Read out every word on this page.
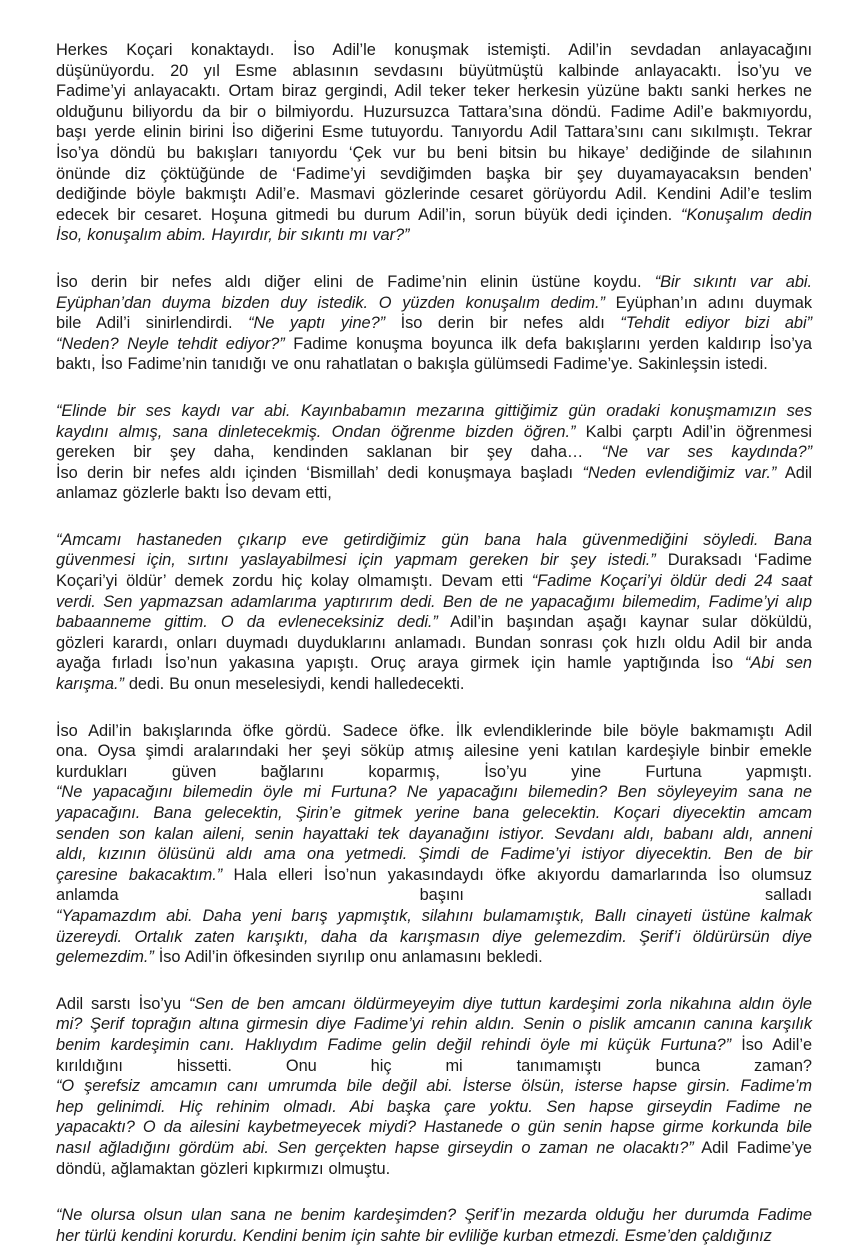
Herkes Koçari konaktaydı. İso Adil’le konuşmak istemişti. Adil’in sevdadan anlayacağını
düşünüyordu. 20 yıl Esme ablasının sevdasını büyütmüştü kalbinde anlayacaktı. İso’yu ve
Fadime’yi anlayacaktı. Ortam biraz gergindi, Adil teker teker herkesin yüzüne baktı sanki herkes ne
olduğunu biliyordu da bir o bilmiyordu. Huzursuzca Tattara’sına döndü. Fadime Adil’e bakmıyordu,
başı yerde elinin birini İso diğerini Esme tutuyordu. Tanıyordu Adil Tattara’sını canı sıkılmıştı. Tekrar
İso’ya döndü bu bakışları tanıyordu ‘Çek vur bu beni bitsin bu hikaye’ dediğinde de silahının
önünde diz çöktüğünde de ‘Fadime’yi sevdiğimden başka bir şey duyamayacaksın benden’
dediğinde böyle bakmıştı Adil’e. Masmavi gözlerinde cesaret görüyordu Adil. Kendini Adil’e teslim
edecek bir cesaret. Hoşuna gitmedi bu durum Adil’in, sorun büyük dedi içinden. “Konuşalım dedin
İso, konuşalım abim. Hayırdır, bir sıkıntı mı var?”

İso derin bir nefes aldı diğer elini de Fadime’nin elinin üstüne koydu. “Bir sıkıntı var abi.
Eyüphan’dan duyma bizden duy istedik. O yüzden konuşalım dedim.” Eyüphan’ın adını duymak
bile Adil’i sinirlendirdi. “Ne yaptı yine?” İso derin bir nefes aldı “Tehdit ediyor bizi abi”
“Neden? Neyle tehdit ediyor?” Fadime konuşma boyunca ilk defa bakışlarını yerden kaldırıp İso’ya
baktı, İso Fadime’nin tanıdığı ve onu rahatlatan o bakışla gülümsedi Fadime’ye. Sakinleşsin istedi.

“Elinde bir ses kaydı var abi. Kayınbabamın mezarına gittiğimiz gün oradaki konuşmamızın ses
kaydını almış, sana dinletecekmiş. Ondan öğrenme bizden öğren.” Kalbi çarptı Adil’in öğrenmesi
gereken bir şey daha, kendinden saklanan bir şey daha… “Ne var ses kaydında?”
İso derin bir nefes aldı içinden ‘Bismillah’ dedi konuşmaya başladı “Neden evlendiğimiz var.” Adil
anlamaz gözlerle baktı İso devam etti,

“Amcamı hastaneden çıkarıp eve getirdiğimiz gün bana hala güvenmediğini söyledi. Bana
güvenmesi için, sırtını yaslayabilmesi için yapmam gereken bir şey istedi.” Duraksadı ‘Fadime
Koçari’yi öldür’ demek zordu hiç kolay olmamıştı. Devam etti “Fadime Koçari’yi öldür dedi 24 saat
verdi. Sen yapmazsan adamlarıma yaptırırım dedi. Ben de ne yapacağımı bilemedim, Fadime’yi alıp
babaanneme gittim. O da evleneceksiniz dedi.” Adil’in başından aşağı kaynar sular döküldü,
gözleri karardı, onları duymadı duyduklarını anlamadı. Bundan sonrası çok hızlı oldu Adil bir anda
ayağa fırladı İso’nun yakasına yapıştı. Oruç araya girmek için hamle yaptığında İso “Abi sen
karışma.” dedi. Bu onun meselesiydi, kendi halledecekti.

İso Adil’in bakışlarında öfke gördü. Sadece öfke. İlk evlendiklerinde bile böyle bakmamıştı Adil
ona. Oysa şimdi aralarındaki her şeyi söküp atmış ailesine yeni katılan kardeşiyle binbir emekle
kurdukları güven bağlarını koparmış, İso’yu yine Furtuna yapmıştı.
“Ne yapacağını bilemedin öyle mi Furtuna? Ne yapacağını bilemedin? Ben söyleyeyim sana ne
yapacağını. Bana gelecektin, Şirin’e gitmek yerine bana gelecektin. Koçari diyecektin amcam
senden son kalan aileni, senin hayattaki tek dayanağını istiyor. Sevdanı aldı, babanı aldı, anneni
aldı, kızının ölüsünü aldı ama ona yetmedi. Şimdi de Fadime’yi istiyor diyecektin. Ben de bir
çaresine bakacaktım.” Hala elleri İso’nun yakasındaydı öfke akıyordu damarlarında İso olumsuz
anlamda başını salladı
“Yapamazdım abi. Daha yeni barış yapmıştık, silahını bulamamıştık, Ballı cinayeti üstüne kalmak
üzereydi. Ortalık zaten karışıktı, daha da karışmasın diye gelemezdim. Şerif’i öldürürsün diye
gelemezdim.” İso Adil’in öfkesinden sıyrılıp onu anlamasını bekledi.

Adil sarstı İso’yu “Sen de ben amcanı öldürmeyeyim diye tuttun kardeşimi zorla nikahına aldın öyle
mi? Şerif toprağın altına girmesin diye Fadime’yi rehin aldın. Senin o pislik amcanın canına karşılık
benim kardeşimin canı. Haklıydım Fadime gelin değil rehindi öyle mi küçük Furtuna?” İso Adil’e
kırıldığını hissetti. Onu hiç mi tanımamıştı bunca zaman?
“O şerefsiz amcamın canı umrumda bile değil abi. İsterse ölsün, isterse hapse girsin. Fadime’m
hep gelinimdi. Hiç rehinim olmadı. Abi başka çare yoktu. Sen hapse girseydin Fadime ne
yapacaktı? O da ailesini kaybetmeyecek miydi? Hastanede o gün senin hapse girme korkunda bile
nasıl ağladığını gördüm abi. Sen gerçekten hapse girseydin o zaman ne olacaktı?” Adil Fadime’ye
döndü, ağlamaktan gözleri kıpkırmızı olmuştu.

“Ne olursa olsun ulan sana ne benim kardeşimden? Şerif’in mezarda olduğu her durumda Fadime
her türlü kendini korurdu. Kendini benim için sahte bir evliliğe kurban etmezdi. Esme’den çaldığınız
